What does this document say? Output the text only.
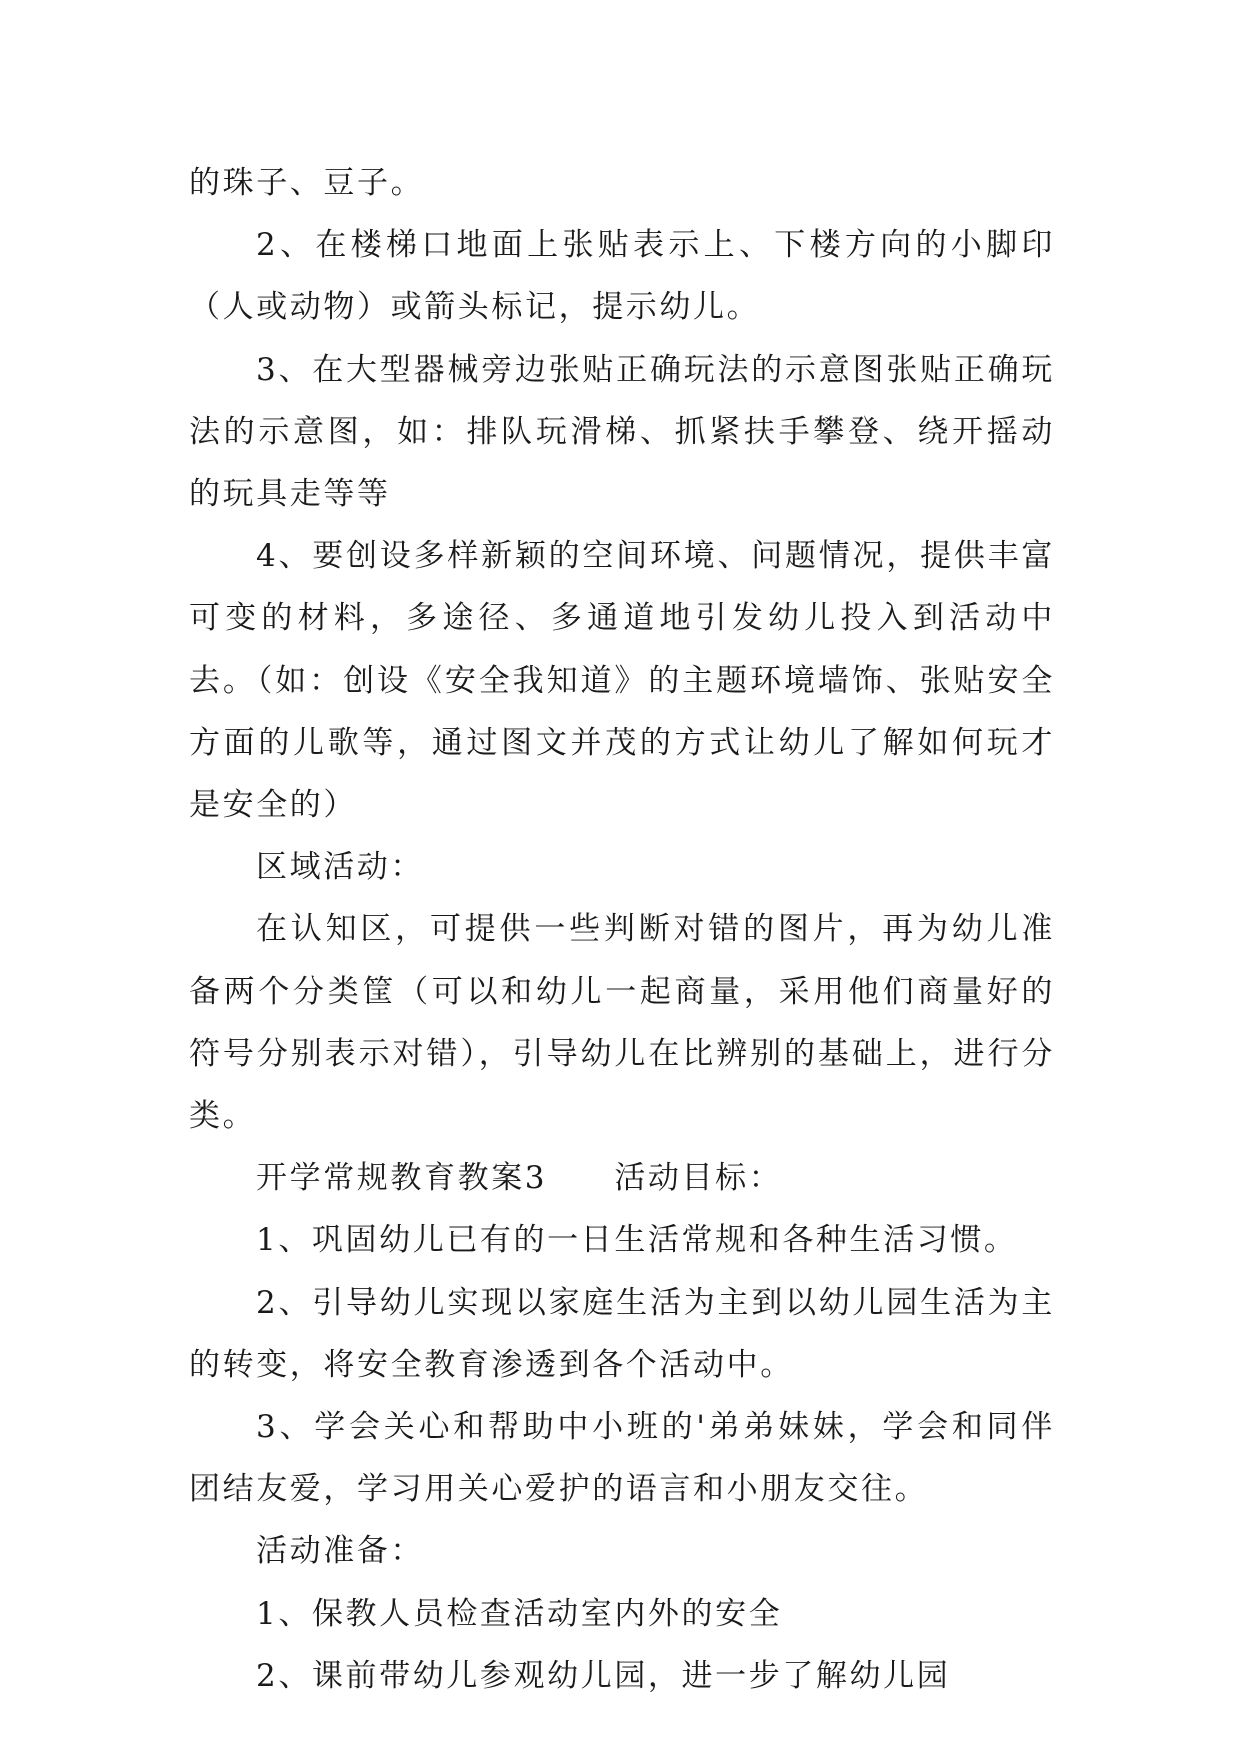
的珠子、豆子。

2、在楼梯口地面上张贴表示上、下楼方向的小脚印（人或动物）或箭头标记，提示幼儿。

3、在大型器械旁边张贴正确玩法的示意图张贴正确玩法的示意图，如：排队玩滑梯、抓紧扶手攀登、绕开摇动的玩具走等等

4、要创设多样新颖的空间环境、问题情况，提供丰富可变的材料，多途径、多通道地引发幼儿投入到活动中去。（如：创设《安全我知道》的主题环境墙饰、张贴安全方面的儿歌等，通过图文并茂的方式让幼儿了解如何玩才是安全的）

区域活动：

在认知区，可提供一些判断对错的图片，再为幼儿准备两个分类筐（可以和幼儿一起商量，采用他们商量好的符号分别表示对错），引导幼儿在比辨别的基础上，进行分类。

开学常规教育教案3　　活动目标：

1、巩固幼儿已有的一日生活常规和各种生活习惯。

2、引导幼儿实现以家庭生活为主到以幼儿园生活为主的转变，将安全教育渗透到各个活动中。

3、学会关心和帮助中小班的'弟弟妹妹，学会和同伴团结友爱，学习用关心爱护的语言和小朋友交往。

活动准备：

1、保教人员检查活动室内外的安全

2、课前带幼儿参观幼儿园，进一步了解幼儿园
